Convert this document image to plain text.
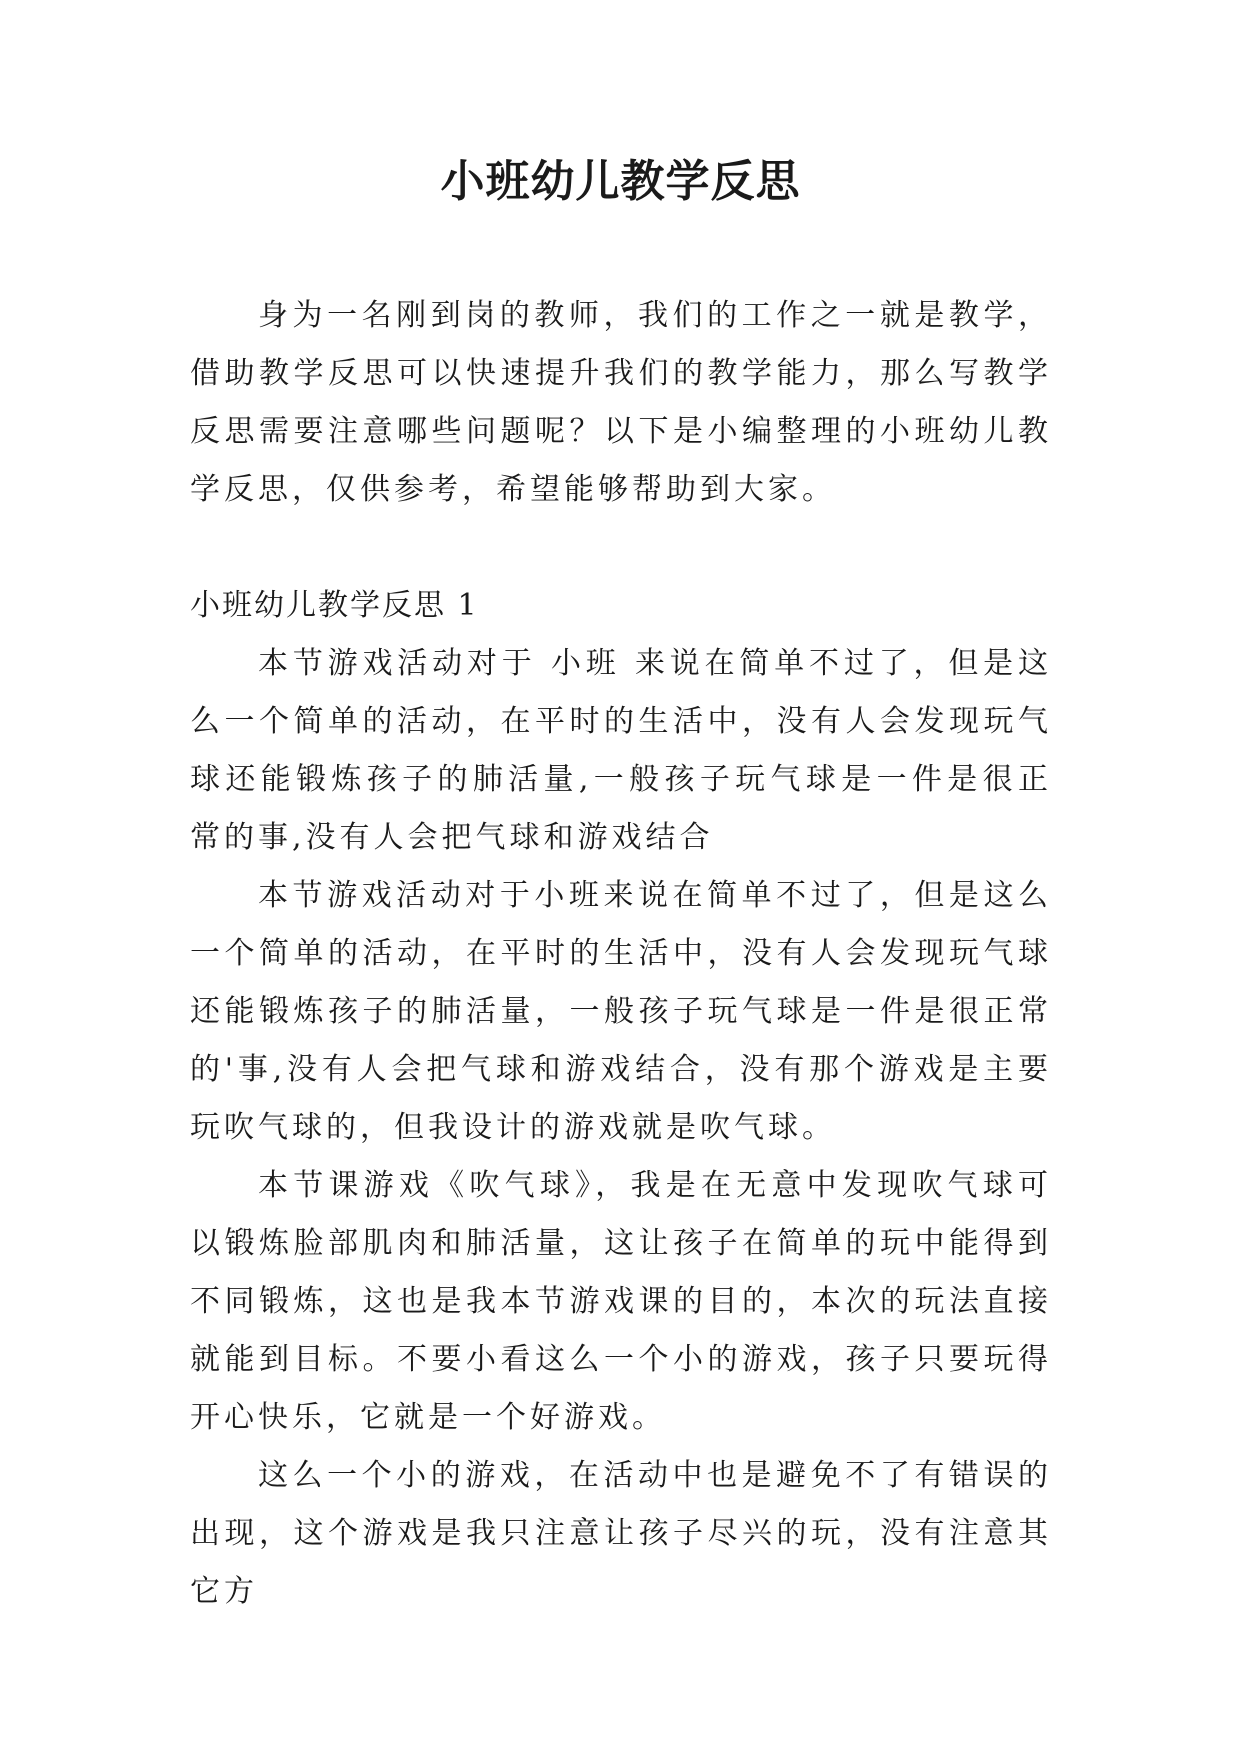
小班幼儿教学反思

身为一名刚到岗的教师，我们的工作之一就是教学，借助教学反思可以快速提升我们的教学能力，那么写教学反思需要注意哪些问题呢？以下是小编整理的小班幼儿教学反思，仅供参考，希望能够帮助到大家。

小班幼儿教学反思 1

本节游戏活动对于 小班 来说在简单不过了，但是这么一个简单的活动，在平时的生活中，没有人会发现玩气球还能锻炼孩子的肺活量,一般孩子玩气球是一件是很正常的事,没有人会把气球和游戏结合

本节游戏活动对于小班来说在简单不过了，但是这么一个简单的活动，在平时的生活中，没有人会发现玩气球还能锻炼孩子的肺活量，一般孩子玩气球是一件是很正常的'事,没有人会把气球和游戏结合，没有那个游戏是主要玩吹气球的，但我设计的游戏就是吹气球。

本节课游戏《吹气球》，我是在无意中发现吹气球可以锻炼脸部肌肉和肺活量，这让孩子在简单的玩中能得到不同锻炼，这也是我本节游戏课的目的，本次的玩法直接就能到目标。不要小看这么一个小的游戏，孩子只要玩得开心快乐，它就是一个好游戏。

这么一个小的游戏，在活动中也是避免不了有错误的出现，这个游戏是我只注意让孩子尽兴的玩，没有注意其它方
